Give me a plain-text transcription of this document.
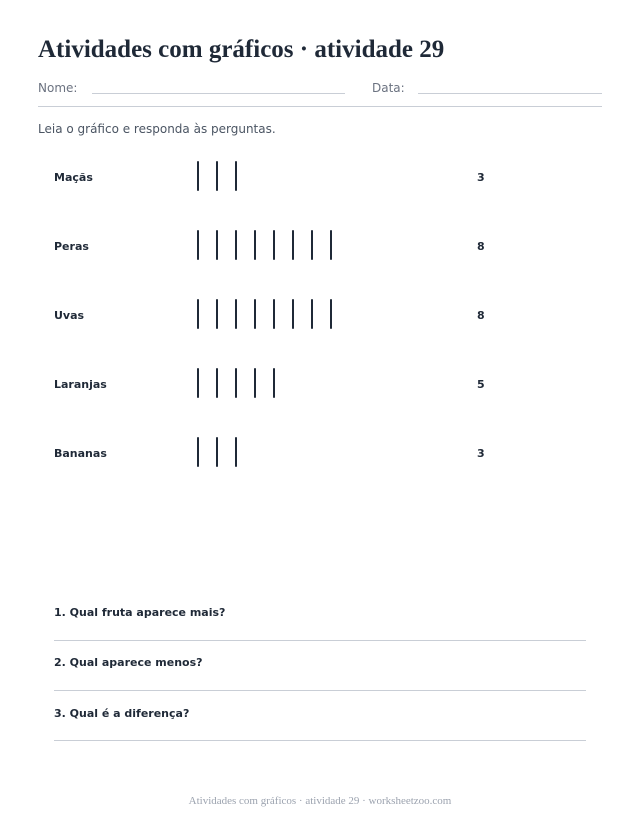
Atividades com gráficos · atividade 29
Nome:	Data:
Leia o gráfico e responda às perguntas.
Maçãs	3
Peras	8
Uvas	8
Laranjas	5
Bananas	3
1. Qual fruta aparece mais?
2. Qual aparece menos?
3. Qual é a diferença?
Atividades com gráficos · atividade 29 · worksheetzoo.com
